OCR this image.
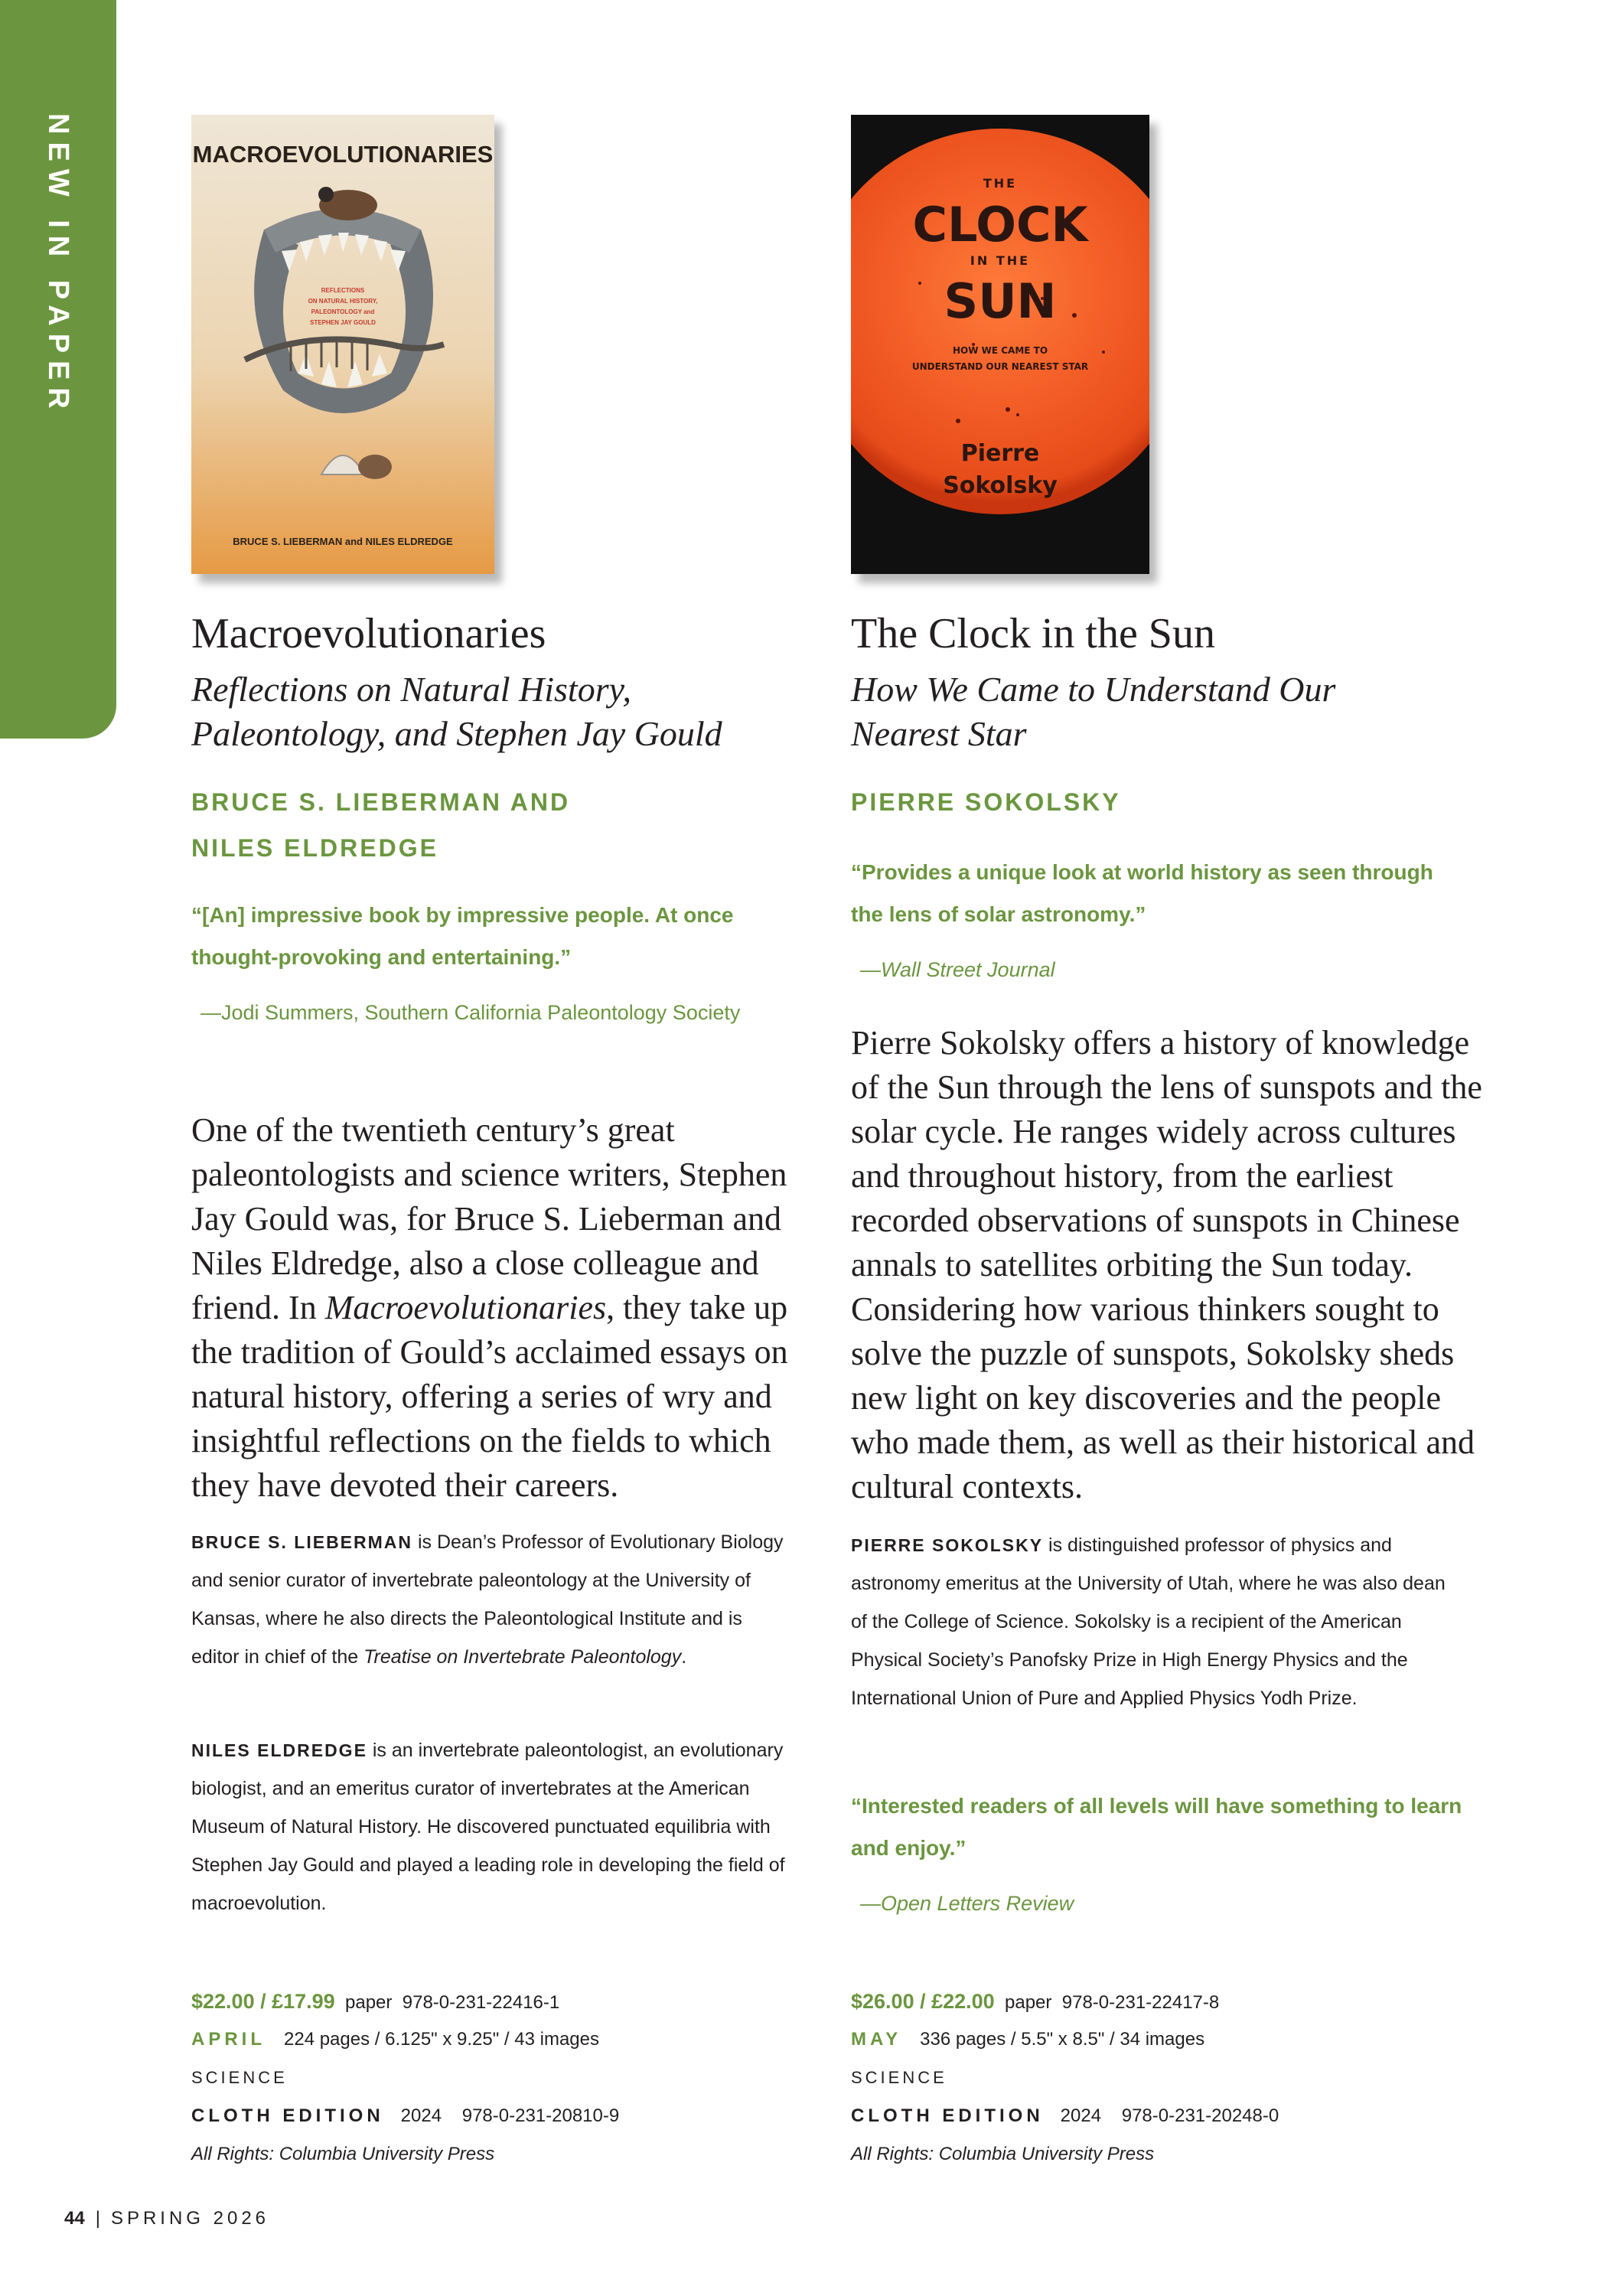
NEW IN PAPER	MACROEVOLUTIONARIES
REFLECTIONS
ON NATURAL HISTORY,
PALEONTOLOGY and
STEPHEN JAY GOULD
BRUCE S. LIEBERMAN and NILES ELDREDGE
Macroevolutionaries

Reflections on Natural History, Paleontology, and Stephen Jay Gould

BRUCE S. LIEBERMAN AND

NILES ELDREDGE

“[An] impressive book by impressive people. At once thought-provoking and entertaining.”

—Jodi Summers, Southern California Paleontology Society

One of the twentieth century’s great paleontologists and science writers, Stephen Jay Gould was, for Bruce S. Lieberman and Niles Eldredge, also a close colleague and friend. In Macroevolutionaries, they take up the tradition of Gould’s acclaimed essays on natural history, offering a series of wry and insightful reflections on the fields to which they have devoted their careers.

BRUCE S. LIEBERMAN is Dean’s Professor of Evolutionary Biology and senior curator of invertebrate paleontology at the University of Kansas, where he also directs the Paleontological Institute and is editor in chief of the Treatise on Invertebrate Paleontology.

NILES ELDREDGE is an invertebrate paleontologist, an evolutionary biologist, and an emeritus curator of invertebrates at the American Museum of Natural History. He discovered punctuated equilibria with Stephen Jay Gould and played a leading role in developing the field of macroevolution.

$22.00 / £17.99 paper 978-0-231-22416-1
APRIL 224 pages / 6.125" x 9.25" / 43 images
SCIENCE
CLOTH EDITION 2024 978-0-231-20810-9
All Rights: Columbia University Press
THE
CLOCK
IN THE
SUN
HOW WE CAME TO
UNDERSTAND OUR NEAREST STAR
Pierre
Sokolsky
The Clock in the Sun

How We Came to Understand Our Nearest Star

PIERRE SOKOLSKY

“Provides a unique look at world history as seen through the lens of solar astronomy.”

—Wall Street Journal

Pierre Sokolsky offers a history of knowledge of the Sun through the lens of sunspots and the solar cycle. He ranges widely across cultures and throughout history, from the earliest recorded observations of sunspots in Chinese annals to satellites orbiting the Sun today. Considering how various thinkers sought to solve the puzzle of sunspots, Sokolsky sheds new light on key discoveries and the people who made them, as well as their historical and cultural contexts.

PIERRE SOKOLSKY is distinguished professor of physics and astronomy emeritus at the University of Utah, where he was also dean of the College of Science. Sokolsky is a recipient of the American Physical Society’s Panofsky Prize in High Energy Physics and the International Union of Pure and Applied Physics Yodh Prize.

“Interested readers of all levels will have something to learn and enjoy.”

—Open Letters Review

$26.00 / £22.00 paper 978-0-231-22417-8
MAY 336 pages / 5.5" x 8.5" / 34 images
SCIENCE
CLOTH EDITION 2024 978-0-231-20248-0
All Rights: Columbia University Press
44 | SPRING 2026
